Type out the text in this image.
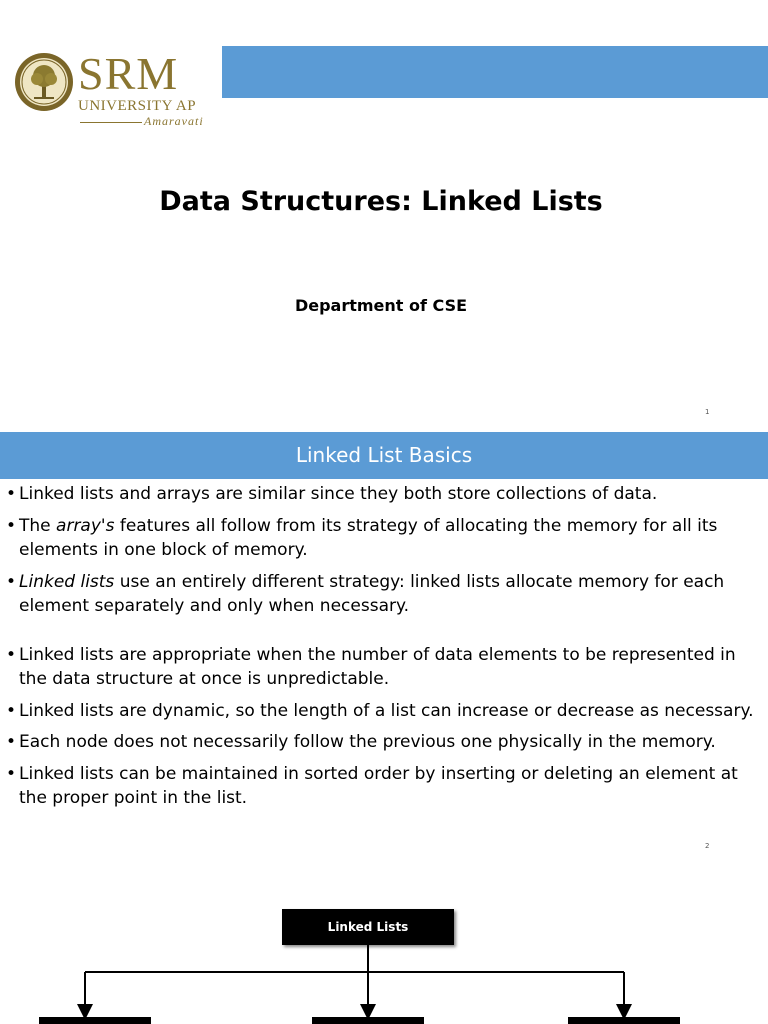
SRM
UNIVERSITY AP
Amaravati
Data Structures: Linked Lists
Department of CSE
1
Linked List Basics
• Linked lists and arrays are similar since they both store collections of data.
• The array's features all follow from its strategy of allocating the memory for all its elements in one block of memory.
• Linked lists use an entirely different strategy: linked lists allocate memory for each element separately and only when necessary.
• Linked lists are appropriate when the number of data elements to be represented in the data structure at once is unpredictable.
• Linked lists are dynamic, so the length of a list can increase or decrease as necessary.
• Each node does not necessarily follow the previous one physically in the memory.
• Linked lists can be maintained in sorted order by inserting or deleting an element at the proper point in the list.
2
Linked Lists
